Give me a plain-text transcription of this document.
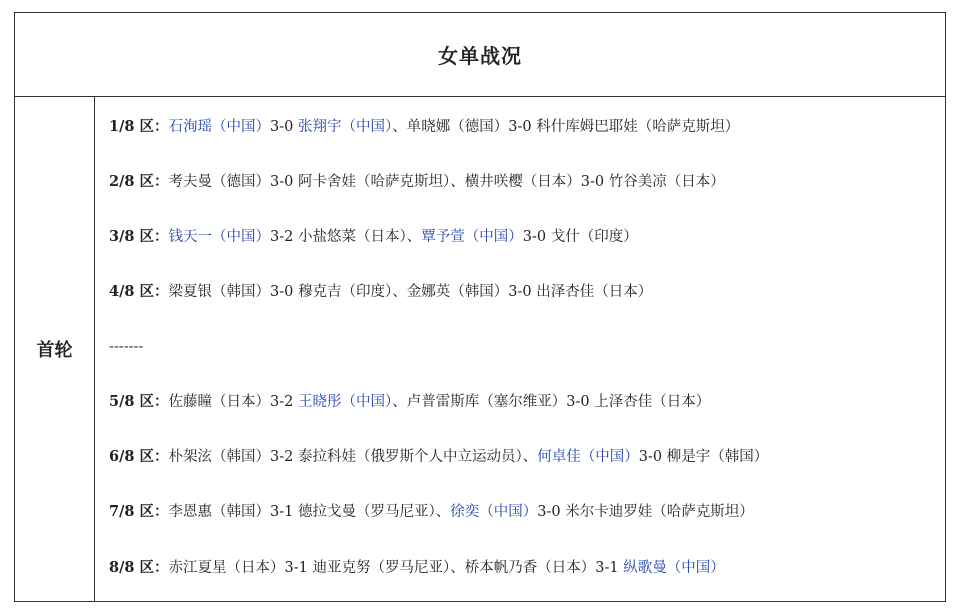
女单战况
首轮
1/8 区：石洵瑶（中国）3-0 张翔宇（中国）、单晓娜（德国）3-0 科什库姆巴耶娃（哈萨克斯坦）
2/8 区：考夫曼（德国）3-0 阿卡舍娃（哈萨克斯坦）、横井咲樱（日本）3-0 竹谷美凉（日本）
3/8 区：钱天一（中国）3-2 小盐悠菜（日本）、覃予萱（中国）3-0 戈什（印度）
4/8 区：梁夏银（韩国）3-0 穆克吉（印度）、金娜英（韩国）3-0 出泽杏佳（日本）
-------
5/8 区：佐藤瞳（日本）3-2 王晓彤（中国）、卢普雷斯库（塞尔维亚）3-0 上泽杏佳（日本）
6/8 区：朴架泫（韩国）3-2 泰拉科娃（俄罗斯个人中立运动员）、何卓佳（中国）3-0 柳是宇（韩国）
7/8 区：李恩惠（韩国）3-1 德拉戈曼（罗马尼亚）、徐奕（中国）3-0 米尔卡迪罗娃（哈萨克斯坦）
8/8 区：赤江夏星（日本）3-1 迪亚克努（罗马尼亚）、桥本帆乃香（日本）3-1 纵歌曼（中国）
